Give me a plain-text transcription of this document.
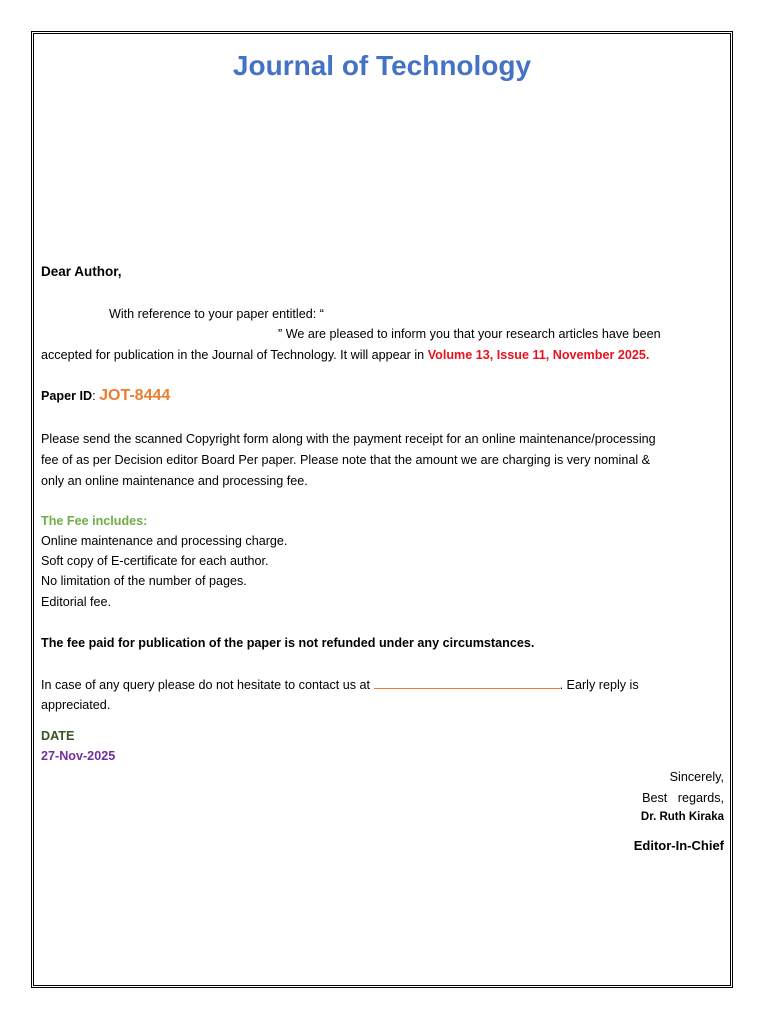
Journal of Technology
Dear Author,
With reference to your paper entitled: “
” We are pleased to inform you that your research articles have been
accepted for publication in the Journal of Technology. It will appear in Volume 13, Issue 11, November 2025.
Paper ID: JOT-8444
Please send the scanned Copyright form along with the payment receipt for an online maintenance/processing
fee of as per Decision editor Board Per paper. Please note that the amount we are charging is very nominal &
only an online maintenance and processing fee.
The Fee includes:
Online maintenance and processing charge.
Soft copy of E-certificate for each author.
No limitation of the number of pages.
Editorial fee.
The fee paid for publication of the paper is not refunded under any circumstances.
In case of any query please do not hesitate to contact us at	. Early reply is
appreciated.
DATE
27-Nov-2025
Sincerely,
Best   regards,
Dr. Ruth Kiraka
Editor-In-Chief
